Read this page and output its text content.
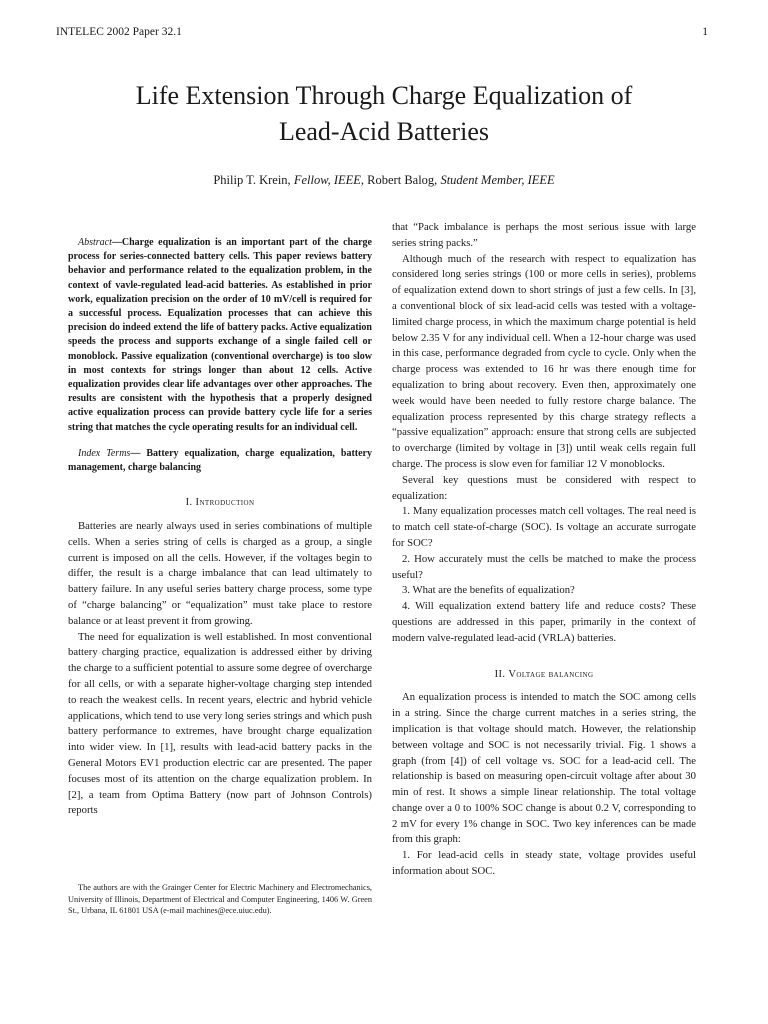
INTELEC 2002 Paper 32.1	1
Life Extension Through Charge Equalization of
Lead-Acid Batteries
Philip T. Krein, Fellow, IEEE, Robert Balog, Student Member, IEEE

Abstract—Charge equalization is an important part of the charge process for series-connected battery cells. This paper reviews battery behavior and performance related to the equalization problem, in the context of vavle-regulated lead-acid batteries. As established in prior work, equalization precision on the order of 10 mV/cell is required for a successful process. Equalization processes that can achieve this precision do indeed extend the life of battery packs. Active equalization speeds the process and supports exchange of a single failed cell or monoblock. Passive equalization (conventional overcharge) is too slow in most contexts for strings longer than about 12 cells. Active equalization provides clear life advantages over other approaches. The results are consistent with the hypothesis that a properly designed active equalization process can provide battery cycle life for a series string that matches the cycle operating results for an individual cell.

Index Terms— Battery equalization, charge equalization, battery management, charge balancing

I. Introduction

Batteries are nearly always used in series combinations of multiple cells. When a series string of cells is charged as a group, a single current is imposed on all the cells. However, if the voltages begin to differ, the result is a charge imbalance that can lead ultimately to battery failure. In any useful series battery charge process, some type of “charge balancing” or “equalization” must take place to restore balance or at least prevent it from growing.

The need for equalization is well established. In most conventional battery charging practice, equalization is addressed either by driving the charge to a sufficient potential to assure some degree of overcharge for all cells, or with a separate higher-voltage charging step intended to reach the weakest cells. In recent years, electric and hybrid vehicle applications, which tend to use very long series strings and which push battery performance to extremes, have brought charge equalization into wider view. In [1], results with lead-acid battery packs in the General Motors EV1 production electric car are presented. The paper focuses most of its attention on the charge equalization problem. In [2], a team from Optima Battery (now part of Johnson Controls) reports

that “Pack imbalance is perhaps the most serious issue with large series string packs.”

Although much of the research with respect to equalization has considered long series strings (100 or more cells in series), problems of equalization extend down to short strings of just a few cells. In [3], a conventional block of six lead-acid cells was tested with a voltage-limited charge process, in which the maximum charge potential is held below 2.35 V for any individual cell. When a 12-hour charge was used in this case, performance degraded from cycle to cycle. Only when the charge process was extended to 16 hr was there enough time for equalization to bring about recovery. Even then, approximately one week would have been needed to fully restore charge balance. The equalization process represented by this charge strategy reflects a “passive equalization” approach: ensure that strong cells are subjected to overcharge (limited by voltage in [3]) until weak cells regain full charge. The process is slow even for familiar 12 V monoblocks.

Several key questions must be considered with respect to equalization:

1. Many equalization processes match cell voltages. The real need is to match cell state-of-charge (SOC). Is voltage an accurate surrogate for SOC?

2. How accurately must the cells be matched to make the process useful?

3. What are the benefits of equalization?

4. Will equalization extend battery life and reduce costs? These questions are addressed in this paper, primarily in the context of modern valve-regulated lead-acid (VRLA) batteries.

II. Voltage balancing

An equalization process is intended to match the SOC among cells in a string. Since the charge current matches in a series string, the implication is that voltage should match. However, the relationship between voltage and SOC is not necessarily trivial. Fig. 1 shows a graph (from [4]) of cell voltage vs. SOC for a lead-acid cell. The relationship is based on measuring open-circuit voltage after about 30 min of rest. It shows a simple linear relationship. The total voltage change over a 0 to 100% SOC change is about 0.2 V, corresponding to 2 mV for every 1% change in SOC. Two key inferences can be made from this graph:

1. For lead-acid cells in steady state, voltage provides useful information about SOC.

The authors are with the Grainger Center for Electric Machinery and Electromechanics, University of Illinois, Department of Electrical and Computer Engineering, 1406 W. Green St., Urbana, IL 61801 USA (e-mail machines@ece.uiuc.edu).
